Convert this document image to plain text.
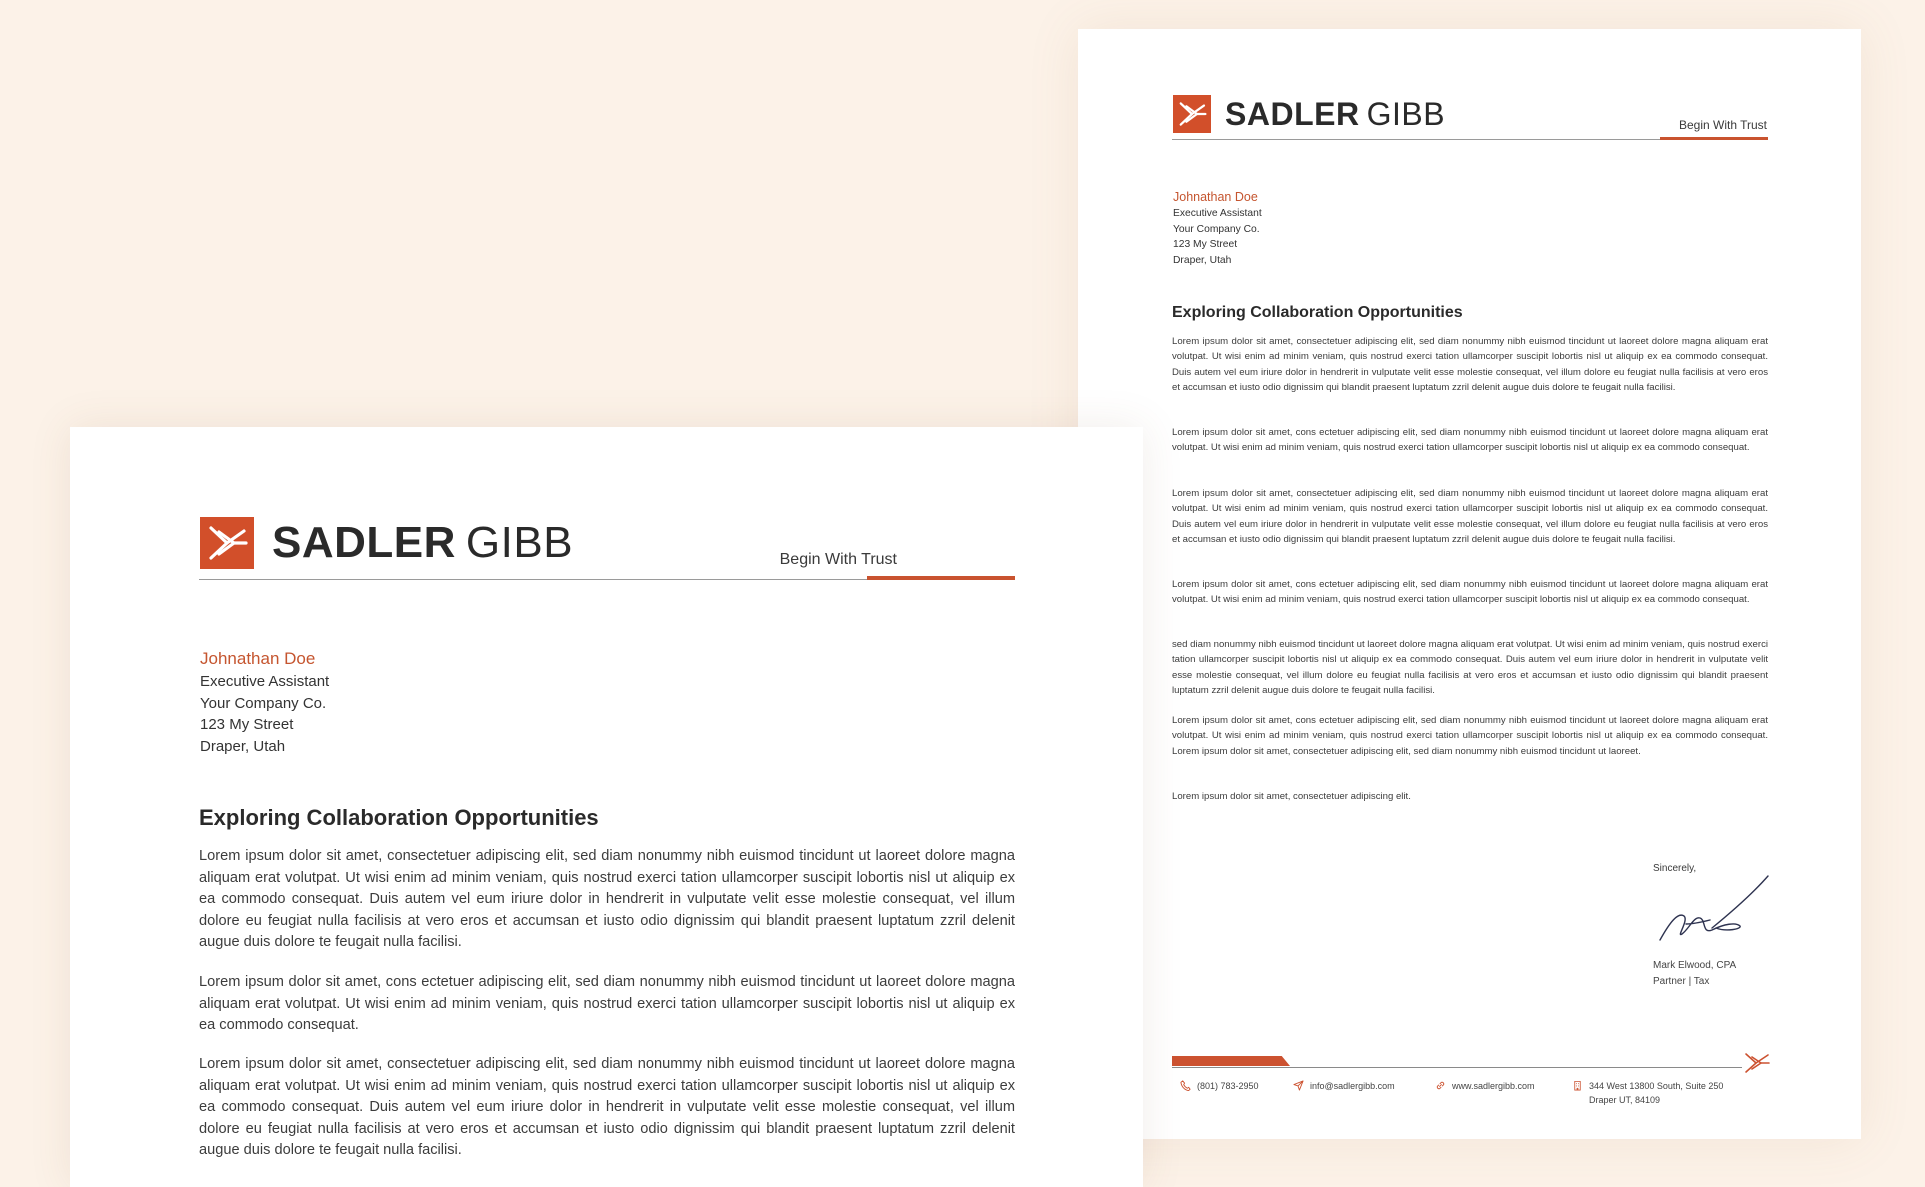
SADLER GIBB	Begin With Trust
Johnathan Doe
Executive Assistant
Your Company Co.
123 My Street
Draper, Utah
Exploring Collaboration Opportunities

Lorem ipsum dolor sit amet, consectetuer adipiscing elit, sed diam nonummy nibh euismod tincidunt ut laoreet dolore magna aliquam erat volutpat. Ut wisi enim ad minim veniam, quis nostrud exerci tation ullamcorper suscipit lobortis nisl ut aliquip ex ea commodo consequat. Duis autem vel eum iriure dolor in hendrerit in vulputate velit esse molestie consequat, vel illum dolore eu feugiat nulla facilisis at vero eros et accumsan et iusto odio dignissim qui blandit praesent luptatum zzril delenit augue duis dolore te feugait nulla facilisi.

Lorem ipsum dolor sit amet, cons ectetuer adipiscing elit, sed diam nonummy nibh euismod tincidunt ut laoreet dolore magna aliquam erat volutpat. Ut wisi enim ad minim veniam, quis nostrud exerci tation ullamcorper suscipit lobortis nisl ut aliquip ex ea commodo consequat.

Lorem ipsum dolor sit amet, consectetuer adipiscing elit, sed diam nonummy nibh euismod tincidunt ut laoreet dolore magna aliquam erat volutpat. Ut wisi enim ad minim veniam, quis nostrud exerci tation ullamcorper suscipit lobortis nisl ut aliquip ex ea commodo consequat. Duis autem vel eum iriure dolor in hendrerit in vulputate velit esse molestie consequat, vel illum dolore eu feugiat nulla facilisis at vero eros et accumsan et iusto odio dignissim qui blandit praesent luptatum zzril delenit augue duis dolore te feugait nulla facilisi.

Lorem ipsum dolor sit amet, cons ectetuer adipiscing elit, sed diam nonummy nibh euismod tincidunt ut laoreet dolore magna aliquam erat volutpat. Ut wisi enim ad minim veniam, quis nostrud exerci tation ullamcorper suscipit lobortis nisl ut aliquip ex ea commodo consequat.

sed diam nonummy nibh euismod tincidunt ut laoreet dolore magna aliquam erat volutpat. Ut wisi enim ad minim veniam, quis nostrud exerci tation ullamcorper suscipit lobortis nisl ut aliquip ex ea commodo consequat. Duis autem vel eum iriure dolor in hendrerit in vulputate velit esse molestie consequat, vel illum dolore eu feugiat nulla facilisis at vero eros et accumsan et iusto odio dignissim qui blandit praesent luptatum zzril delenit augue duis dolore te feugait nulla facilisi.

Lorem ipsum dolor sit amet, cons ectetuer adipiscing elit, sed diam nonummy nibh euismod tincidunt ut laoreet dolore magna aliquam erat volutpat. Ut wisi enim ad minim veniam, quis nostrud exerci tation ullamcorper suscipit lobortis nisl ut aliquip ex ea commodo consequat. Lorem ipsum dolor sit amet, consectetuer adipiscing elit, sed diam nonummy nibh euismod tincidunt ut laoreet.

Lorem ipsum dolor sit amet, consectetuer adipiscing elit.

Sincerely,
Mark Elwood, CPA
Partner | Tax
(801) 783-2950	info@sadlergibb.com	www.sadlergibb.com	344 West 13800 South, Suite 250
Draper UT, 84109
SADLER GIBB	Begin With Trust
Johnathan Doe
Executive Assistant
Your Company Co.
123 My Street
Draper, Utah
Exploring Collaboration Opportunities

Lorem ipsum dolor sit amet, consectetuer adipiscing elit, sed diam nonummy nibh euismod tincidunt ut laoreet dolore magna aliquam erat volutpat. Ut wisi enim ad minim veniam, quis nostrud exerci tation ullamcorper suscipit lobortis nisl ut aliquip ex ea commodo consequat. Duis autem vel eum iriure dolor in hendrerit in vulputate velit esse molestie consequat, vel illum dolore eu feugiat nulla facilisis at vero eros et accumsan et iusto odio dignissim qui blandit praesent luptatum zzril delenit augue duis dolore te feugait nulla facilisi.

Lorem ipsum dolor sit amet, cons ectetuer adipiscing elit, sed diam nonummy nibh euismod tincidunt ut laoreet dolore magna aliquam erat volutpat. Ut wisi enim ad minim veniam, quis nostrud exerci tation ullamcorper suscipit lobortis nisl ut aliquip ex ea commodo consequat.

Lorem ipsum dolor sit amet, consectetuer adipiscing elit, sed diam nonummy nibh euismod tincidunt ut laoreet dolore magna aliquam erat volutpat. Ut wisi enim ad minim veniam, quis nostrud exerci tation ullamcorper suscipit lobortis nisl ut aliquip ex ea commodo consequat. Duis autem vel eum iriure dolor in hendrerit in vulputate velit esse molestie consequat, vel illum dolore eu feugiat nulla facilisis at vero eros et accumsan et iusto odio dignissim qui blandit praesent luptatum zzril delenit augue duis dolore te feugait nulla facilisi.
